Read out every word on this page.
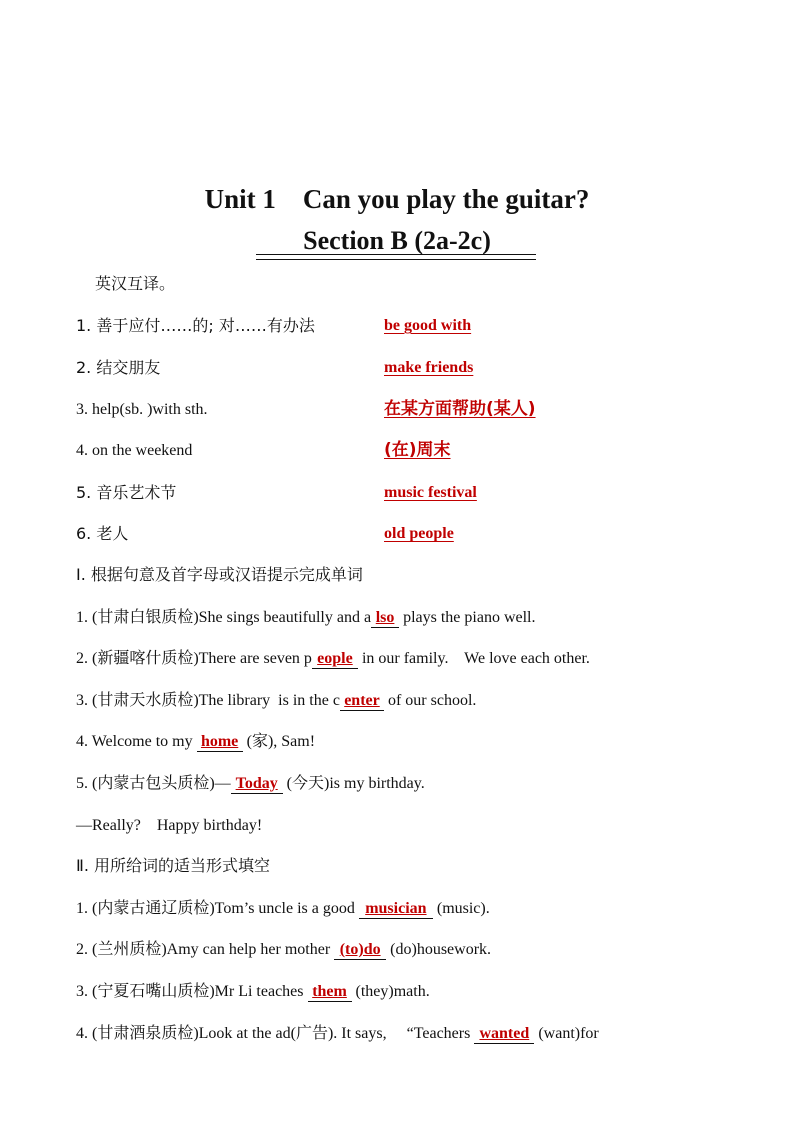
Unit 1    Can you play the guitar?
Section B (2a-2c)
英汉互译。
1. 善于应付……的; 对……有办法	be good with
2. 结交朋友	make friends
3. help(sb. )with sth.	在某方面帮助(某人)
4. on the weekend	(在)周末
5. 音乐艺术节	music festival
6. 老人	old people
Ⅰ. 根据句意及首字母或汉语提示完成单词
1. (甘肃白银质检)She sings beautifully and a lso plays the piano well.
2. (新疆喀什质检)There are seven p eople in our family.    We love each other.
3. (甘肃天水质检)The library  is in the c enter of our school.
4. Welcome to my home (家), Sam!
5. (内蒙古包头质检)— Today (今天)is my birthday.
—Really?    Happy birthday!
Ⅱ. 用所给词的适当形式填空
1. (内蒙古通辽质检)Tom’s uncle is a good musician (music).
2. (兰州质检)Amy can help her mother (to)do (do)housework.
3. (宁夏石嘴山质检)Mr Li teaches them (they)math.
4. (甘肃酒泉质检)Look at the ad(广告). It says,     “Teachers wanted (want)for
